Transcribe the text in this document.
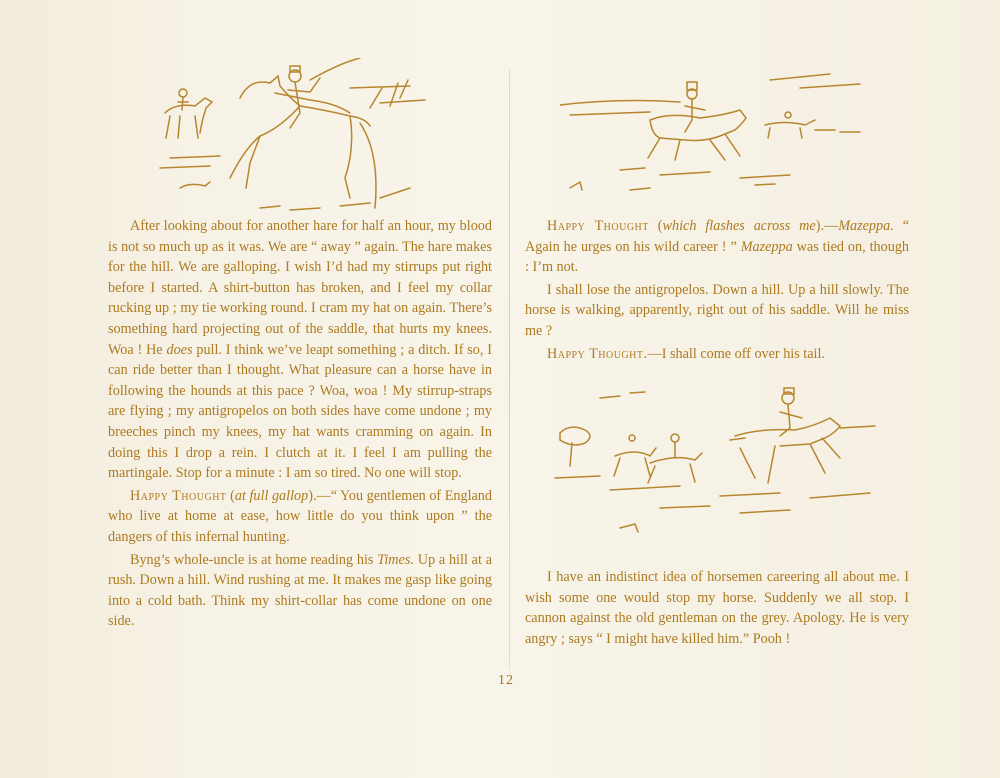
After looking about for another hare for half an hour, my blood is not so much up as it was. We are “ away ” again. The hare makes for the hill. We are galloping. I wish I’d had my stirrups put right before I started. A shirt-button has broken, and I feel my collar rucking up ; my tie working round. I cram my hat on again. There’s something hard projecting out of the saddle, that hurts my knees. Woa ! He does pull. I think we’ve leapt something ; a ditch. If so, I can ride better than I thought. What pleasure can a horse have in following the hounds at this pace ? Woa, woa ! My stirrup-straps are flying ; my antigropelos on both sides have come undone ; my breeches pinch my knees, my hat wants cramming on again. In doing this I drop a rein. I clutch at it. I feel I am pulling the martingale. Stop for a minute : I am so tired. No one will stop.

Happy Thought (at full gallop).—“ You gentlemen of England who live at home at ease, how little do you think upon ” the dangers of this infernal hunting.

Byng’s whole-uncle is at home reading his Times. Up a hill at a rush. Down a hill. Wind rushing at me. It makes me gasp like going into a cold bath. Think my shirt-collar has come undone on one side.

Happy Thought (which flashes across me).—Mazeppa. “ Again he urges on his wild career ! ” Mazeppa was tied on, though : I’m not.

I shall lose the antigropelos. Down a hill. Up a hill slowly. The horse is walking, apparently, right out of his saddle. Will he miss me ?

Happy Thought.—I shall come off over his tail.

I have an indistinct idea of horsemen careering all about me. I wish some one would stop my horse. Suddenly we all stop. I cannon against the old gentleman on the grey. Apology. He is very angry ; says “ I might have killed him.” Pooh !

12
